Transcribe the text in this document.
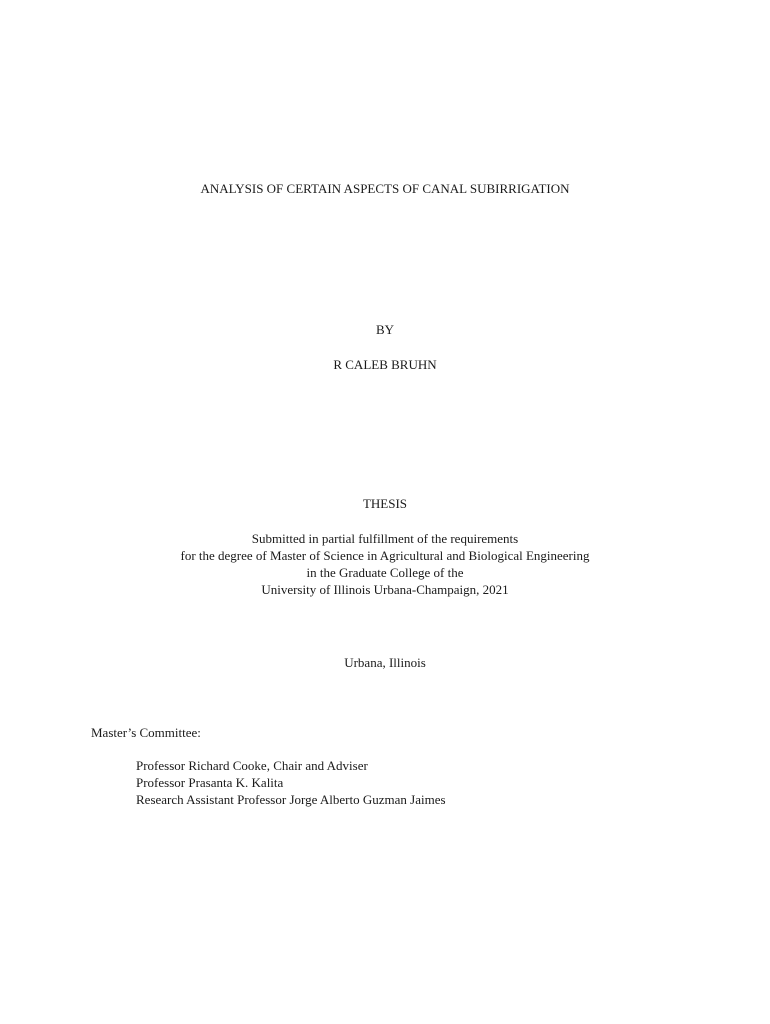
ANALYSIS OF CERTAIN ASPECTS OF CANAL SUBIRRIGATION
BY
R CALEB BRUHN
THESIS
Submitted in partial fulfillment of the requirements
for the degree of Master of Science in Agricultural and Biological Engineering
in the Graduate College of the
University of Illinois Urbana-Champaign, 2021
Urbana, Illinois
Master’s Committee:
Professor Richard Cooke, Chair and Adviser
Professor Prasanta K. Kalita
Research Assistant Professor Jorge Alberto Guzman Jaimes
